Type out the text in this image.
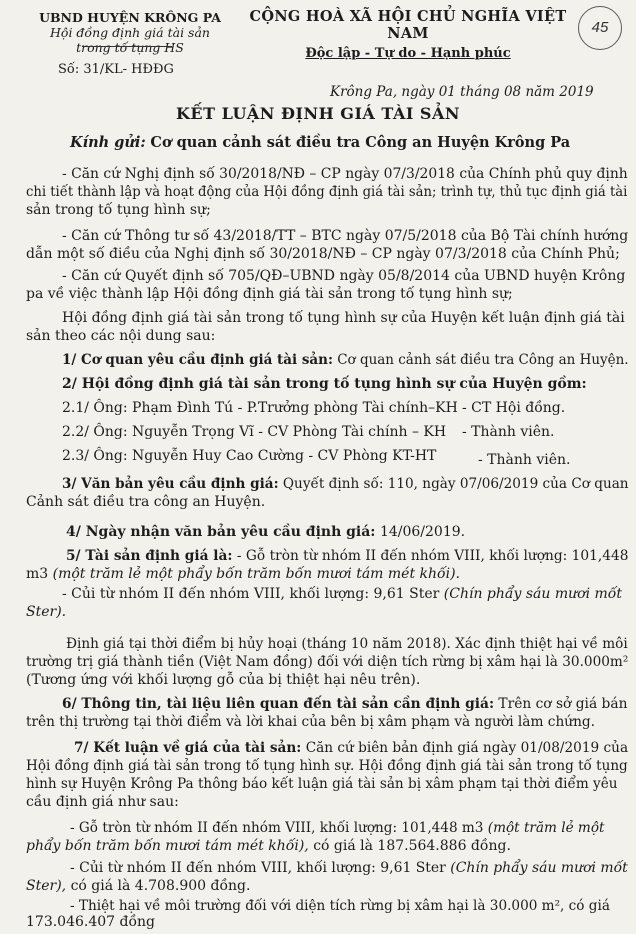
UBND HUYỆN KRÔNG PA
Hội đồng định giá tài sản
trong tố tụng HS
Số: 31/KL- HĐĐG
CỘNG HOÀ XÃ HỘI CHỦ NGHĨA VIỆT NAM
Độc lập - Tự do - Hạnh phúc
45
Krông Pa, ngày 01 tháng 08 năm 2019
KẾT LUẬN ĐỊNH GIÁ TÀI SẢN
Kính gửi: Cơ quan cảnh sát điều tra Công an Huyện Krông Pa
- Căn cứ Nghị định số 30/2018/NĐ – CP ngày 07/3/2018 của Chính phủ quy định
chi tiết thành lập và hoạt động của Hội đồng định giá tài sản; trình tự, thủ tục định giá tài
sản trong tố tụng hình sự;
- Căn cứ Thông tư số 43/2018/TT – BTC ngày 07/5/2018 của Bộ Tài chính hướng
dẫn một số điều của Nghị định số 30/2018/NĐ – CP ngày 07/3/2018 của Chính Phủ;
- Căn cứ Quyết định số 705/QĐ–UBND ngày 05/8/2014 của UBND huyện Krông
pa về việc thành lập Hội đồng định giá tài sản trong tố tụng hình sự;
Hội đồng định giá tài sản trong tố tụng hình sự của Huyện kết luận định giá tài
sản theo các nội dung sau:
1/ Cơ quan yêu cầu định giá tài sản: Cơ quan cảnh sát điều tra Công an Huyện.
2/ Hội đồng định giá tài sản trong tố tụng hình sự của Huyện gồm:
2.1/ Ông: Phạm Đình Tú - P.Trưởng phòng Tài chính–KH - CT Hội đồng.
2.2/ Ông: Nguyễn Trọng Vĩ - CV Phòng Tài chính – KH - Thành viên.
2.3/ Ông: Nguyễn Huy Cao Cường - CV Phòng KT-HT	- Thành viên.
3/ Văn bản yêu cầu định giá: Quyết định số: 110, ngày 07/06/2019 của Cơ quan
Cảnh sát điều tra công an Huyện.
4/ Ngày nhận văn bản yêu cầu định giá: 14/06/2019.
5/ Tài sản định giá là: - Gỗ tròn từ nhóm II đến nhóm VIII, khối lượng: 101,448
m3 (một trăm lẻ một phẩy bốn trăm bốn mươi tám mét khối).
- Củi từ nhóm II đến nhóm VIII, khối lượng: 9,61 Ster (Chín phẩy sáu mươi mốt
Ster).
Định giá tại thời điểm bị hủy hoại (tháng 10 năm 2018). Xác định thiệt hại về môi
trường trị giá thành tiền (Việt Nam đồng) đối với diện tích rừng bị xâm hại là 30.000m²
(Tương ứng với khối lượng gỗ của bị thiệt hại nêu trên).
6/ Thông tin, tài liệu liên quan đến tài sản cần định giá: Trên cơ sở giá bán
trên thị trường tại thời điểm và lời khai của bên bị xâm phạm và người làm chứng.
7/ Kết luận về giá của tài sản: Căn cứ biên bản định giá ngày 01/08/2019 của
Hội đồng định giá tài sản trong tố tụng hình sự. Hội đồng định giá tài sản trong tố tụng
hình sự Huyện Krông Pa thông báo kết luận giá tài sản bị xâm phạm tại thời điểm yêu
cầu định giá như sau:
- Gỗ tròn từ nhóm II đến nhóm VIII, khối lượng: 101,448 m3 (một trăm lẻ một
phẩy bốn trăm bốn mươi tám mét khối), có giá là 187.564.886 đồng.
- Củi từ nhóm II đến nhóm VIII, khối lượng: 9,61 Ster (Chín phẩy sáu mươi mốt
Ster), có giá là 4.708.900 đồng.
- Thiệt hại về môi trường đối với diện tích rừng bị xâm hại là 30.000 m², có giá
173.046.407 đồng
